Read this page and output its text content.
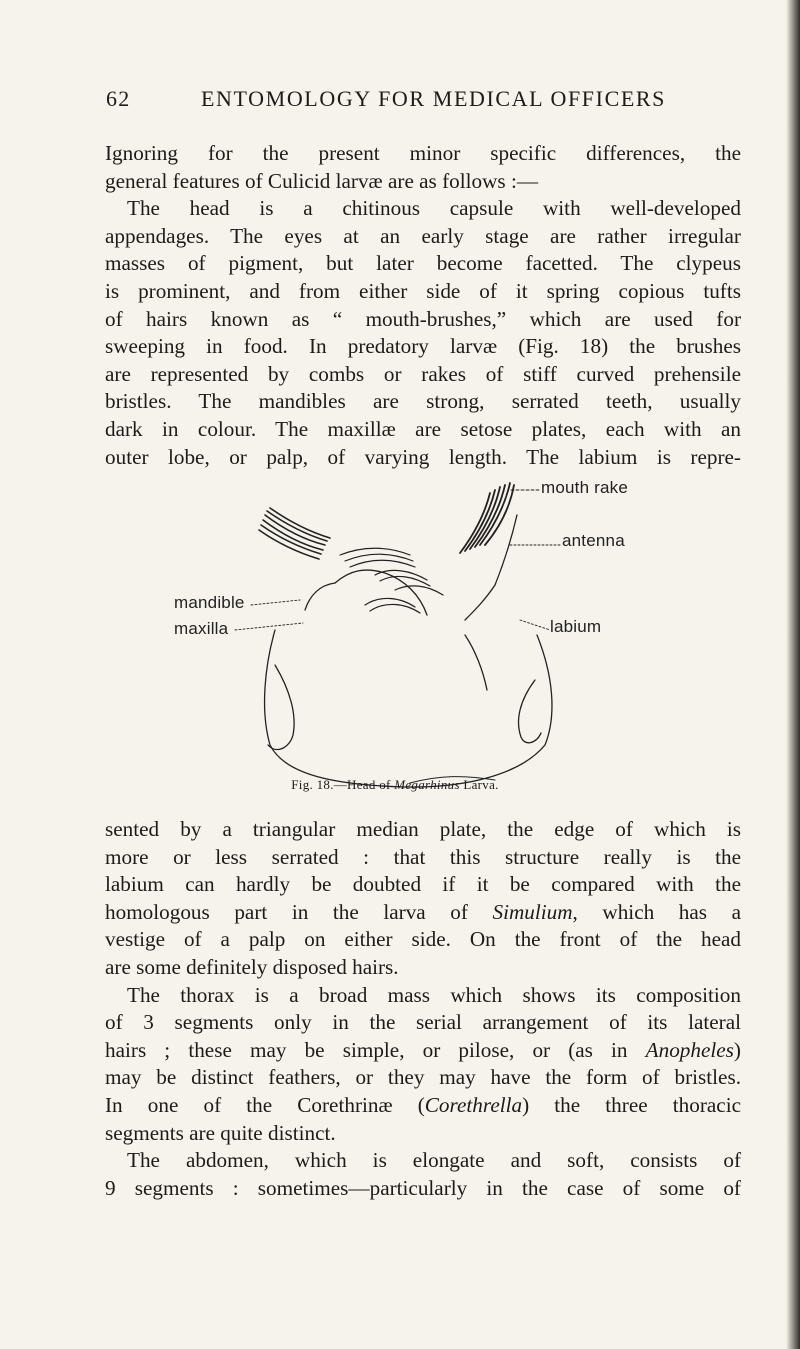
62	ENTOMOLOGY FOR MEDICAL OFFICERS

Ignoring for the present minor specific differences, the
general features of Culicid larvæ are as follows :—

The head is a chitinous capsule with well-developed
appendages. The eyes at an early stage are rather irregular
masses of pigment, but later become facetted. The clypeus
is prominent, and from either side of it spring copious tufts
of hairs known as “ mouth-brushes,” which are used for
sweeping in food. In predatory larvæ (Fig. 18) the brushes
are represented by combs or rakes of stiff curved prehensile
bristles. The mandibles are strong, serrated teeth, usually
dark in colour. The maxillæ are setose plates, each with an
outer lobe, or palp, of varying length. The labium is repre-

mouth rake
antenna
mandible
maxilla	labium
Fig. 18.—Head of Megarhinus Larva.

sented by a triangular median plate, the edge of which is
more or less serrated : that this structure really is the
labium can hardly be doubted if it be compared with the
homologous part in the larva of Simulium, which has a
vestige of a palp on either side. On the front of the head
are some definitely disposed hairs.

The thorax is a broad mass which shows its composition
of 3 segments only in the serial arrangement of its lateral
hairs ; these may be simple, or pilose, or (as in Anopheles)
may be distinct feathers, or they may have the form of bristles.
In one of the Corethrinæ (Corethrella) the three thoracic
segments are quite distinct.

The abdomen, which is elongate and soft, consists of
9 segments : sometimes—particularly in the case of some of
